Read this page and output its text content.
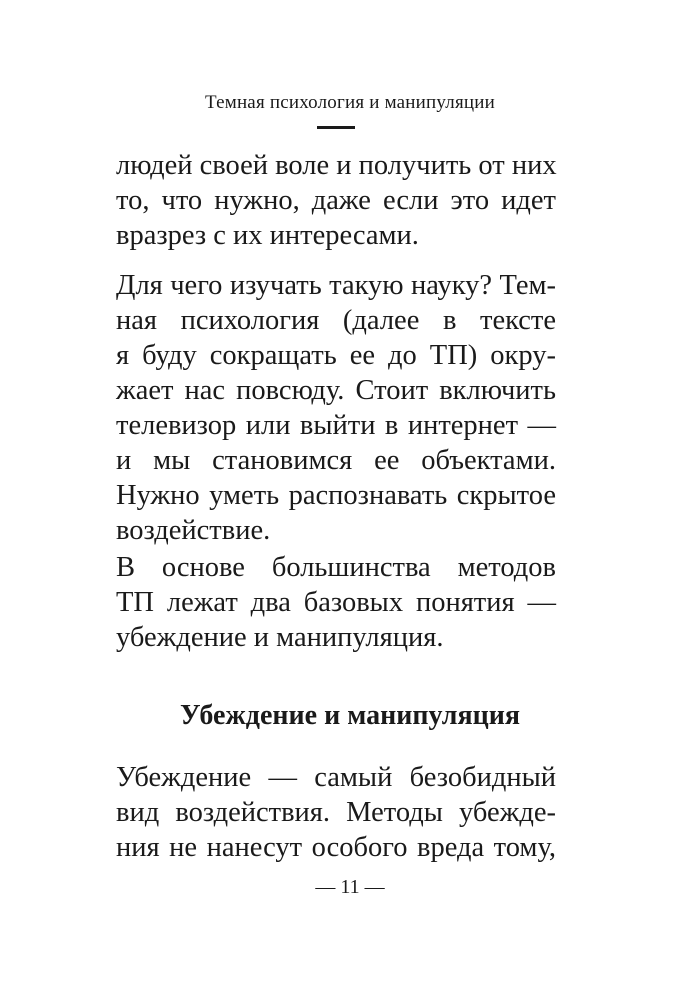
Темная психология и манипуляции
людей своей воле и получить от них
то, что нужно, даже если это идет
вразрез с их интересами.
Для чего изучать такую науку? Тем-
ная психология (далее в тексте
я буду сокращать ее до ТП) окру-
жает нас повсюду. Стоит включить
телевизор или выйти в интернет —
и мы становимся ее объектами.
Нужно уметь распознавать скрытое
воздействие.
В основе большинства методов
ТП лежат два базовых понятия —
убеждение и манипуляция.
Убеждение и манипуляция
Убеждение — самый безобидный
вид воздействия. Методы убежде-
ния не нанесут особого вреда тому,
— 11 —
